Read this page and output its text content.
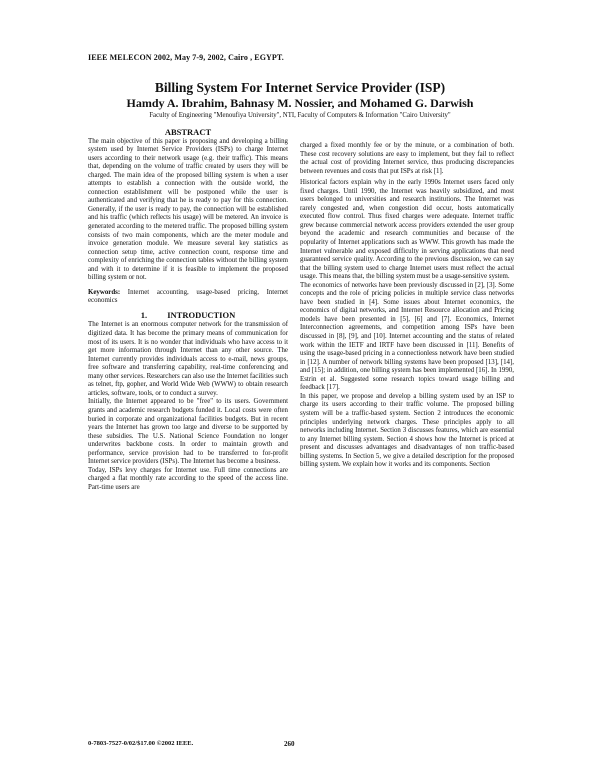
IEEE MELECON 2002, May 7-9, 2002, Cairo , EGYPT.
Billing System For Internet Service Provider (ISP)
Hamdy A. Ibrahim, Bahnasy M. Nossier, and Mohamed G. Darwish
Faculty of Engineering "Menoufiya University", NTI, Faculty of Computers & Information "Cairo University"
ABSTRACT

The main objective of this paper is proposing and developing a billing system used by Internet Service Providers (ISPs) to charge Internet users according to their network usage (e.g. their traffic). This means that, depending on the volume of traffic created by users they will be charged. The main idea of the proposed billing system is when a user attempts to establish a connection with the outside world, the connection establishment will be postponed while the user is authenticated and verifying that he is ready to pay for this connection. Generally, if the user is ready to pay, the connection will be established and his traffic (which reflects his usage) will be metered. An invoice is generated according to the metered traffic. The proposed billing system consists of two main components, which are the meter module and invoice generation module. We measure several key statistics as connection setup time, active connection count, response time and complexity of enriching the connection tables without the billing system and with it to determine if it is feasible to implement the proposed billing system or not.

Keywords: Internet accounting, usage-based pricing, Internet economics

1. INTRODUCTION

The Internet is an enormous computer network for the transmission of digitized data. It has become the primary means of communication for most of its users. It is no wonder that individuals who have access to it get more information through Internet than any other source. The Internet currently provides individuals access to e-mail, news groups, free software and transferring capability, real-time conferencing and many other services. Researchers can also use the Internet facilities such as telnet, ftp, gopher, and World Wide Web (WWW) to obtain research articles, software, tools, or to conduct a survey.

Initially, the Internet appeared to be "free" to its users. Government grants and academic research budgets funded it. Local costs were often buried in corporate and organizational facilities budgets. But in recent years the Internet has grown too large and diverse to be supported by these subsidies. The U.S. National Science Foundation no longer underwrites backbone costs. In order to maintain growth and performance, service provision had to be transferred to for-profit Internet service providers (ISPs). The Internet has become a business.

Today, ISPs levy charges for Internet use. Full time connections are charged a flat monthly rate according to the speed of the access line. Part-time users are

charged a fixed monthly fee or by the minute, or a combination of both. These cost recovery solutions are easy to implement, but they fail to reflect the actual cost of providing Internet service, thus producing discrepancies between revenues and costs that put ISPs at risk [1].

Historical factors explain why in the early 1990s Internet users faced only fixed charges. Until 1990, the Internet was heavily subsidized, and most users belonged to universities and research institutions. The Internet was rarely congested and, when congestion did occur, hosts automatically executed flow control. Thus fixed charges were adequate. Internet traffic grew because commercial network access providers extended the user group beyond the academic and research communities and because of the popularity of Internet applications such as WWW. This growth has made the Internet vulnerable and exposed difficulty in serving applications that need guaranteed service quality. According to the previous discussion, we can say that the billing system used to charge Internet users must reflect the actual usage. This means that, the billing system must be a usage-sensitive system.

The economics of networks have been previously discussed in [2], [3]. Some concepts and the role of pricing policies in multiple service class networks have been studied in [4]. Some issues about Internet economics, the economics of digital networks, and Internet Resource allocation and Pricing models have been presented in [5], [6] and [7]. Economics, Internet Interconnection agreements, and competition among ISPs have been discussed in [8], [9], and [10]. Internet accounting and the status of related work within the IETF and IRTF have been discussed in [11]. Benefits of using the usage-based pricing in a connectionless network have been studied in [12]. A number of network billing systems have been proposed [13], [14], and [15]; in addition, one billing system has been implemented [16]. In 1990, Estrin et al. Suggested some research topics toward usage billing and feedback [17].

In this paper, we propose and develop a billing system used by an ISP to charge its users according to their traffic volume. The proposed billing system will be a traffic-based system. Section 2 introduces the economic principles underlying network charges. These principles apply to all networks including Internet. Section 3 discusses features, which are essential to any Internet billing system. Section 4 shows how the Internet is priced at present and discusses advantages and disadvantages of non traffic-based billing systems. In Section 5, we give a detailed description for the proposed billing system. We explain how it works and its components. Section

0-7803-7527-0/02/$17.00 ©2002 IEEE.	260
